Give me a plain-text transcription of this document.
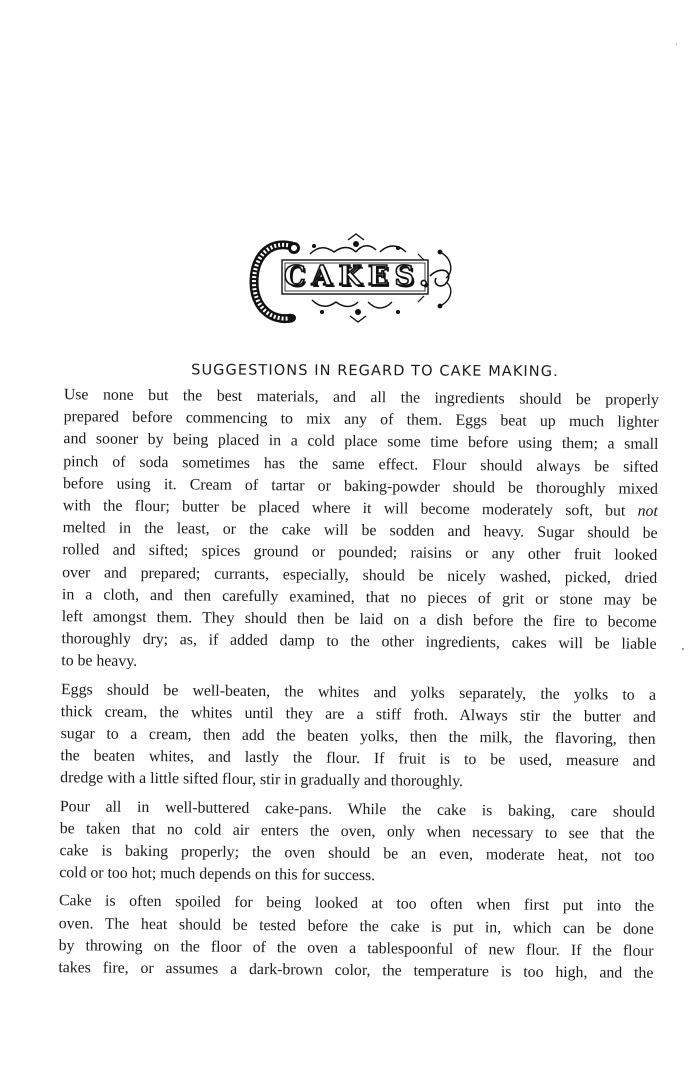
CAKES.
SUGGESTIONS IN REGARD TO CAKE MAKING.

Use none but the best materials, and all the ingredients should be properly
prepared before commencing to mix any of them. Eggs beat up much lighter
and sooner by being placed in a cold place some time before using them; a small
pinch of soda sometimes has the same effect. Flour should always be sifted
before using it. Cream of tartar or baking-powder should be thoroughly mixed
with the flour; butter be placed where it will become moderately soft, but not
melted in the least, or the cake will be sodden and heavy. Sugar should be
rolled and sifted; spices ground or pounded; raisins or any other fruit looked
over and prepared; currants, especially, should be nicely washed, picked, dried
in a cloth, and then carefully examined, that no pieces of grit or stone may be
left amongst them. They should then be laid on a dish before the fire to become
thoroughly dry; as, if added damp to the other ingredients, cakes will be liable
to be heavy.

Eggs should be well-beaten, the whites and yolks separately, the yolks to a
thick cream, the whites until they are a stiff froth. Always stir the butter and
sugar to a cream, then add the beaten yolks, then the milk, the flavoring, then
the beaten whites, and lastly the flour. If fruit is to be used, measure and
dredge with a little sifted flour, stir in gradually and thoroughly.

Pour all in well-buttered cake-pans. While the cake is baking, care should
be taken that no cold air enters the oven, only when necessary to see that the
cake is baking properly; the oven should be an even, moderate heat, not too
cold or too hot; much depends on this for success.

Cake is often spoiled for being looked at too often when first put into the
oven. The heat should be tested before the cake is put in, which can be done
by throwing on the floor of the oven a tablespoonful of new flour. If the flour
takes fire, or assumes a dark-brown color, the temperature is too high, and the
